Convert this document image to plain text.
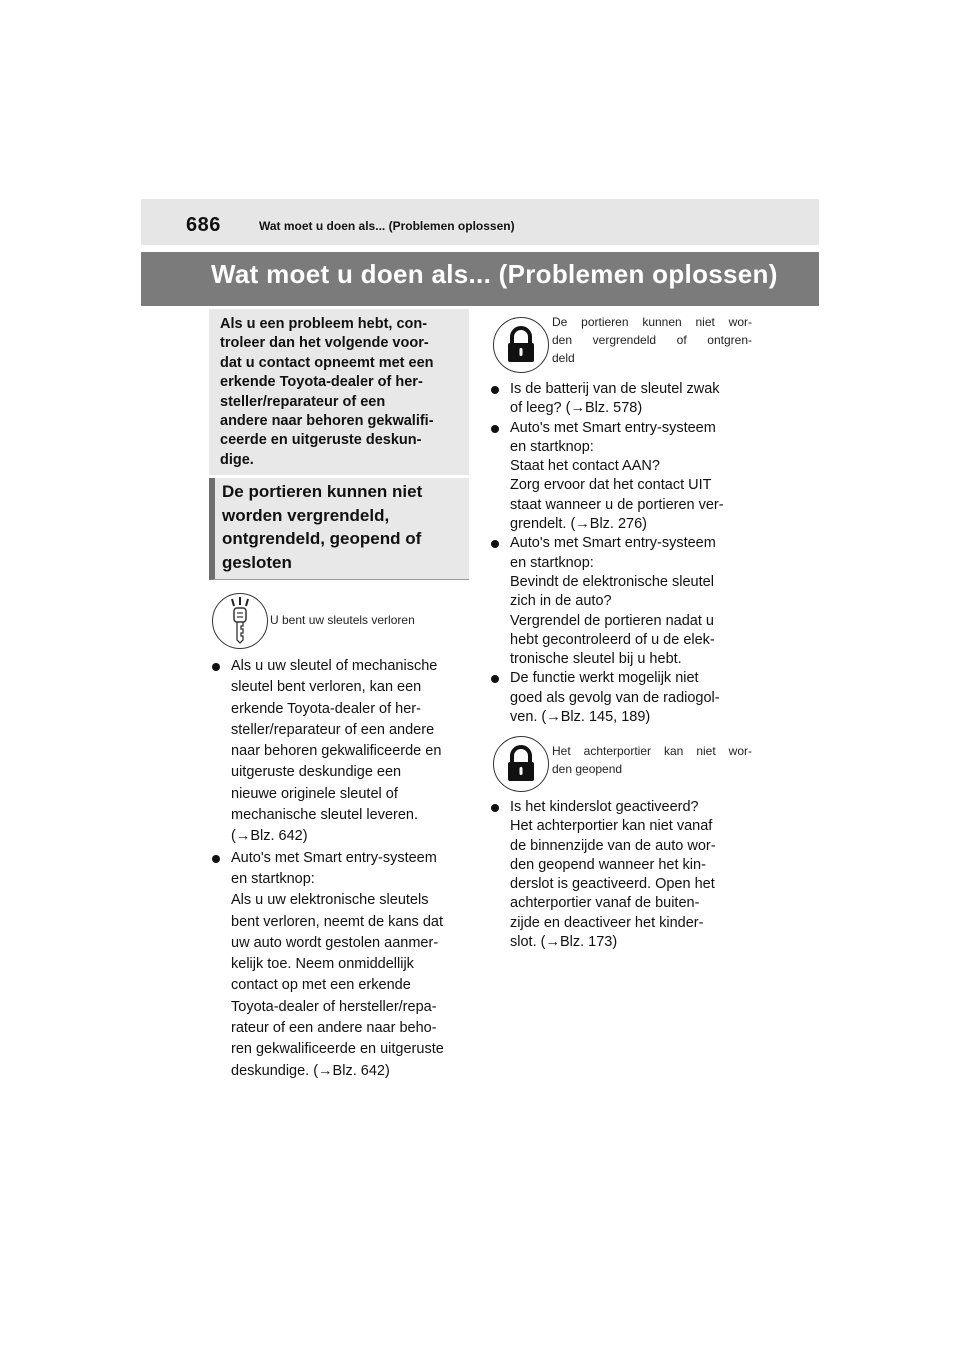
686	Wat moet u doen als... (Problemen oplossen)
Wat moet u doen als... (Problemen oplossen)
Als u een probleem hebt, con-
troleer dan het volgende voor-
dat u contact opneemt met een
erkende Toyota-dealer of her-
steller/reparateur of een
andere naar behoren gekwalifi-
ceerde en uitgeruste deskun-
dige.
De portieren kunnen niet
worden vergrendeld,
ontgrendeld, geopend of
gesloten
U bent uw sleutels verloren
Als u uw sleutel of mechanische
sleutel bent verloren, kan een
erkende Toyota-dealer of her-
steller/reparateur of een andere
naar behoren gekwalificeerde en
uitgeruste deskundige een
nieuwe originele sleutel of
mechanische sleutel leveren.
(→Blz. 642)
Auto's met Smart entry-systeem
en startknop:
Als u uw elektronische sleutels
bent verloren, neemt de kans dat
uw auto wordt gestolen aanmer-
kelijk toe. Neem onmiddellijk
contact op met een erkende
Toyota-dealer of hersteller/repa-
rateur of een andere naar beho-
ren gekwalificeerde en uitgeruste
deskundige. (→Blz. 642)
De portieren kunnen niet wor-
den vergrendeld of ontgren-
deld
Is de batterij van de sleutel zwak
of leeg? (→Blz. 578)
Auto's met Smart entry-systeem
en startknop:
Staat het contact AAN?
Zorg ervoor dat het contact UIT
staat wanneer u de portieren ver-
grendelt. (→Blz. 276)
Auto's met Smart entry-systeem
en startknop:
Bevindt de elektronische sleutel
zich in de auto?
Vergrendel de portieren nadat u
hebt gecontroleerd of u de elek-
tronische sleutel bij u hebt.
De functie werkt mogelijk niet
goed als gevolg van de radiogol-
ven. (→Blz. 145, 189)
Het achterportier kan niet wor-
den geopend
Is het kinderslot geactiveerd?
Het achterportier kan niet vanaf
de binnenzijde van de auto wor-
den geopend wanneer het kin-
derslot is geactiveerd. Open het
achterportier vanaf de buiten-
zijde en deactiveer het kinder-
slot. (→Blz. 173)
